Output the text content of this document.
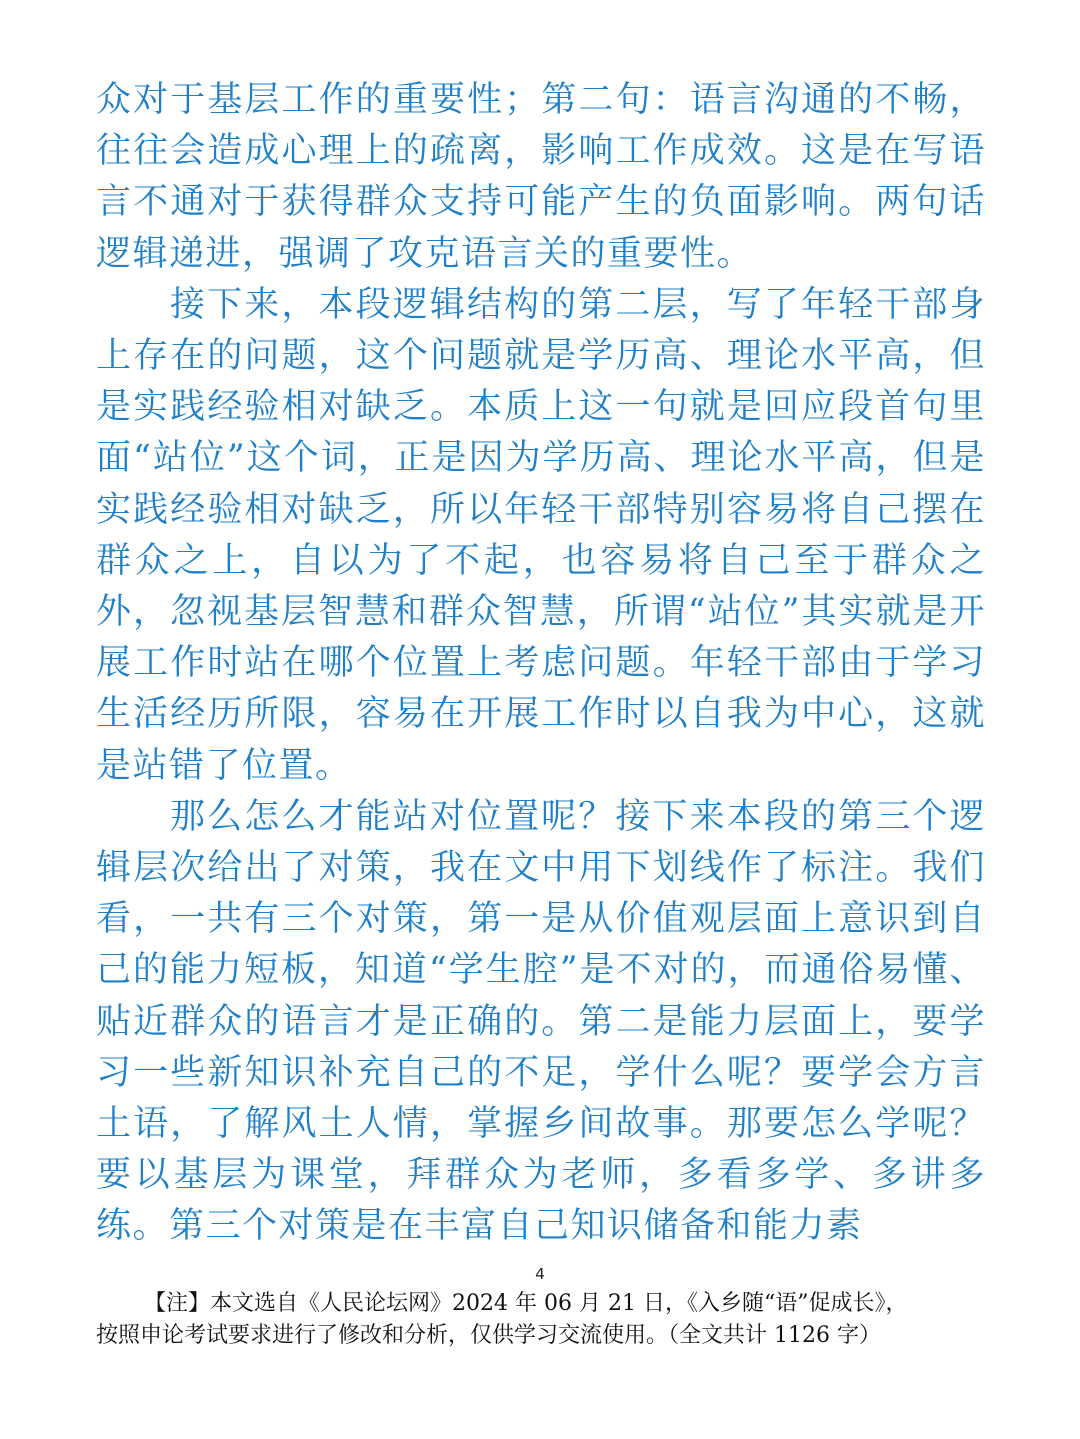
众对于基层工作的重要性；第二句：语言沟通的不畅，往往会造成心理上的疏离，影响工作成效。这是在写语言不通对于获得群众支持可能产生的负面影响。两句话逻辑递进，强调了攻克语言关的重要性。

接下来，本段逻辑结构的第二层，写了年轻干部身上存在的问题，这个问题就是学历高、理论水平高，但是实践经验相对缺乏。本质上这一句就是回应段首句里面“站位”这个词，正是因为学历高、理论水平高，但是实践经验相对缺乏，所以年轻干部特别容易将自己摆在群众之上，自以为了不起，也容易将自己至于群众之外，忽视基层智慧和群众智慧，所谓“站位”其实就是开展工作时站在哪个位置上考虑问题。年轻干部由于学习生活经历所限，容易在开展工作时以自我为中心，这就是站错了位置。

那么怎么才能站对位置呢？接下来本段的第三个逻辑层次给出了对策，我在文中用下划线作了标注。我们看，一共有三个对策，第一是从价值观层面上意识到自己的能力短板，知道“学生腔”是不对的，而通俗易懂、贴近群众的语言才是正确的。第二是能力层面上，要学习一些新知识补充自己的不足，学什么呢？要学会方言土语，了解风土人情，掌握乡间故事。那要怎么学呢？要以基层为课堂，拜群众为老师，多看多学、多讲多练。第三个对策是在丰富自己知识储备和能力素

4

【注】本文选自《人民论坛网》2024 年 06 月 21 日，《入乡随“语”促成长》，

按照申论考试要求进行了修改和分析，仅供学习交流使用。（全文共计 1126 字）
